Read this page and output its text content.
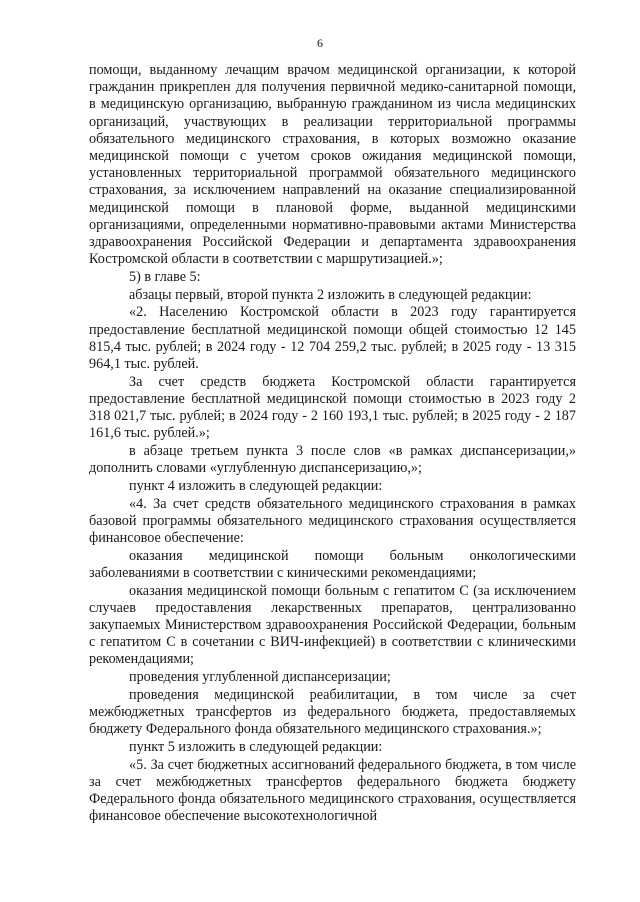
6

помощи, выданному лечащим врачом медицинской организации, к которой гражданин прикреплен для получения первичной медико-санитарной помощи, в медицинскую организацию, выбранную гражданином из числа медицинских организаций, участвующих в реализации территориальной программы обязательного медицинского страхования, в которых возможно оказание медицинской помощи с учетом сроков ожидания медицинской помощи, установленных территориальной программой обязательного медицинского страхования, за исключением направлений на оказание специализированной медицинской помощи в плановой форме, выданной медицинскими организациями, определенными нормативно-правовыми актами Министерства здравоохранения Российской Федерации и департамента здравоохранения Костромской области в соответствии с маршрутизацией.»;

5) в главе 5:

абзацы первый, второй пункта 2 изложить в следующей редакции:

«2. Населению Костромской области в 2023 году гарантируется предоставление бесплатной медицинской помощи общей стоимостью 12 145 815,4 тыс. рублей; в 2024 году - 12 704 259,2 тыс. рублей; в 2025 году - 13 315 964,1 тыс. рублей.

За счет средств бюджета Костромской области гарантируется предоставление бесплатной медицинской помощи стоимостью в 2023 году 2 318 021,7 тыс. рублей; в 2024 году - 2 160 193,1 тыс. рублей; в 2025 году - 2 187 161,6 тыс. рублей.»;

в абзаце третьем пункта 3 после слов «в рамках диспансеризации,» дополнить словами «углубленную диспансеризацию,»;

пункт 4 изложить в следующей редакции:

«4. За счет средств обязательного медицинского страхования в рамках базовой программы обязательного медицинского страхования осуществляется финансовое обеспечение:

оказания медицинской помощи больным онкологическими заболеваниями в соответствии с киническими рекомендациями;

оказания медицинской помощи больным с гепатитом С (за исключением случаев предоставления лекарственных препаратов, централизованно закупаемых Министерством здравоохранения Российской Федерации, больным с гепатитом С в сочетании с ВИЧ-инфекцией) в соответствии с клиническими рекомендациями;

проведения углубленной диспансеризации;

проведения медицинской реабилитации, в том числе за счет межбюджетных трансфертов из федерального бюджета, предоставляемых бюджету Федерального фонда обязательного медицинского страхования.»;

пункт 5 изложить в следующей редакции:

«5. За счет бюджетных ассигнований федерального бюджета, в том числе за счет межбюджетных трансфертов федерального бюджета бюджету Федерального фонда обязательного медицинского страхования, осуществляется финансовое обеспечение высокотехнологичной
